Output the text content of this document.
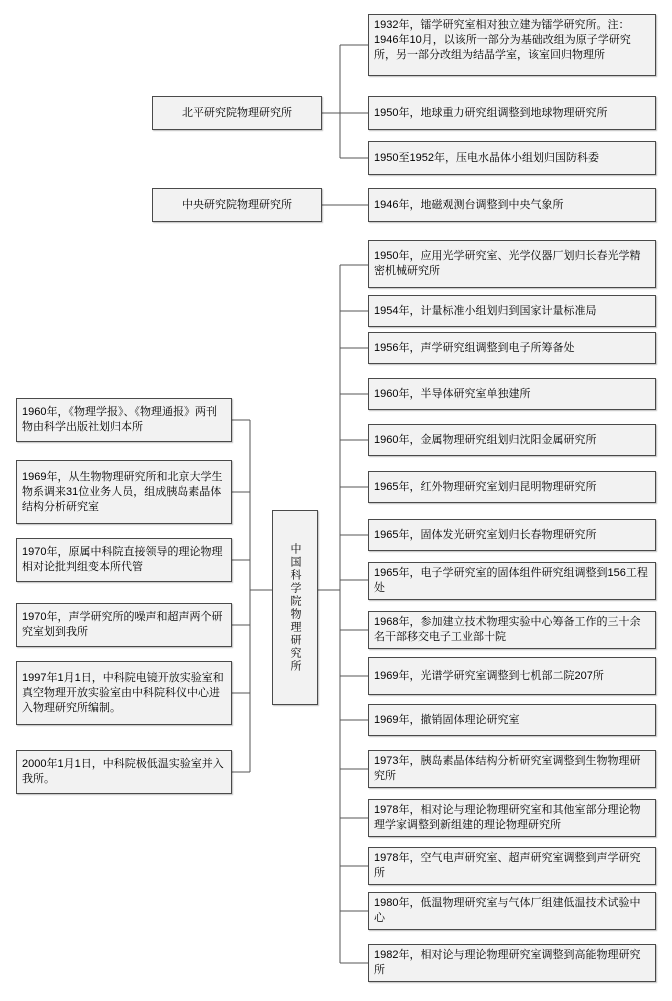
北平研究院物理研究所
中央研究院物理研究所
中国科学院物理研究所
1960年，《物理学报》、《物理通报》两刊物由科学出版社划归本所
1969年，从生物物理研究所和北京大学生物系调来31位业务人员，组成胰岛素晶体结构分析研究室
1970年，原属中科院直接领导的理论物理相对论批判组变本所代管
1970年，声学研究所的噪声和超声两个研究室划到我所
1997年1月1日，中科院电镜开放实验室和真空物理开放实验室由中科院科仪中心进入物理研究所编制。
2000年1月1日，中科院极低温实验室并入我所。
1932年，镭学研究室相对独立建为镭学研究所。注：1946年10月，以该所一部分为基础改组为原子学研究所，另一部分改组为结晶学室，该室回归物理所
1950年，地球重力研究组调整到地球物理研究所
1950至1952年，压电水晶体小组划归国防科委
1946年，地磁观测台调整到中央气象所
1950年，应用光学研究室、光学仪器厂划归长春光学精密机械研究所
1954年，计量标准小组划归到国家计量标准局
1956年，声学研究组调整到电子所筹备处
1960年，半导体研究室单独建所
1960年，金属物理研究组划归沈阳金属研究所
1965年，红外物理研究室划归昆明物理研究所
1965年，固体发光研究室划归长春物理研究所
1965年，电子学研究室的固体组件研究组调整到156工程处
1968年，参加建立技术物理实验中心筹备工作的三十余名干部移交电子工业部十院
1969年，光谱学研究室调整到七机部二院207所
1969年，撤销固体理论研究室
1973年，胰岛素晶体结构分析研究室调整到生物物理研究所
1978年，相对论与理论物理研究室和其他室部分理论物理学家调整到新组建的理论物理研究所
1978年，空气电声研究室、超声研究室调整到声学研究所
1980年，低温物理研究室与气体厂组建低温技术试验中心
1982年，相对论与理论物理研究室调整到高能物理研究所
